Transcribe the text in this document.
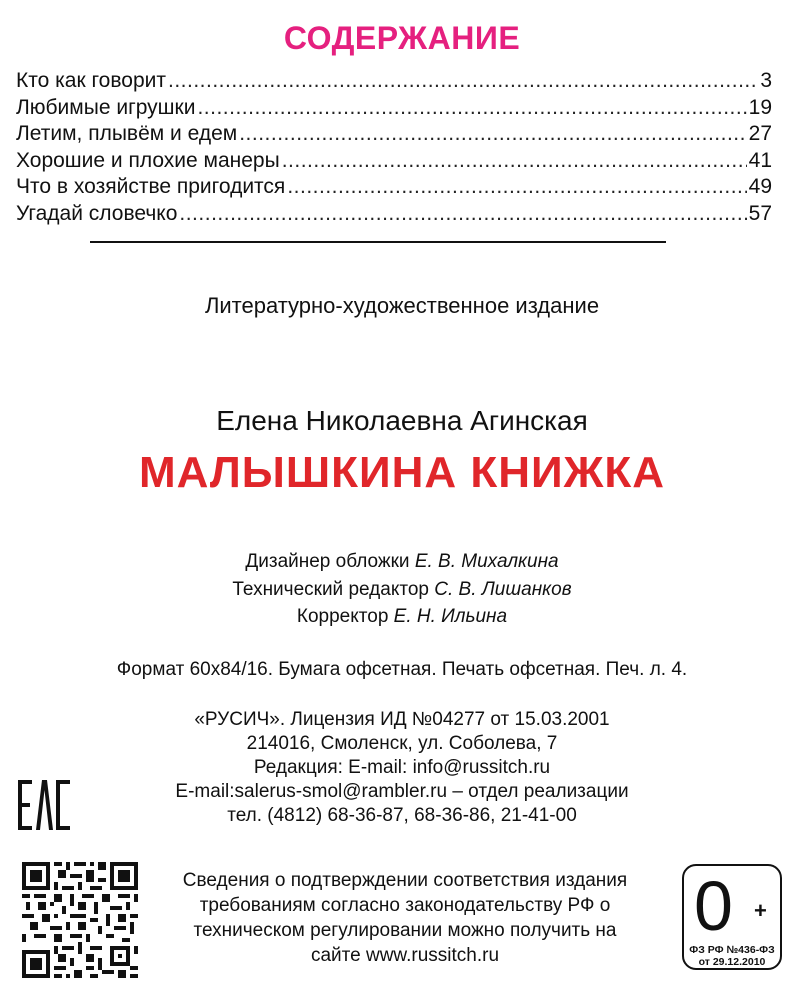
СОДЕРЖАНИЕ
Кто как говорит .....	3
Любимые игрушки .....	19
Летим, плывём и едем .....	27
Хорошие и плохие манеры .....	41
Что в хозяйстве пригодится .....	49
Угадай словечко .....	57
Литературно-художественное издание
Елена Николаевна Агинская
МАЛЫШКИНА КНИЖКА
Дизайнер обложки Е. В. Михалкина
Технический редактор С. В. Лишанков
Корректор Е. Н. Ильина
Формат 60х84/16. Бумага офсетная. Печать офсетная. Печ. л. 4.
«РУСИЧ». Лицензия ИД №04277 от 15.03.2001
214016, Смоленск, ул. Соболева, 7
Редакция: E-mail: info@russitch.ru
E-mail:salerus-smol@rambler.ru – отдел реализации
тел. (4812) 68-36-87, 68-36-86, 21-41-00
Сведения о подтверждении соответствия издания
требованиям согласно законодательству РФ о
техническом регулировании можно получить на
сайте www.russitch.ru
0 +
ФЗ РФ №436-ФЗ
от 29.12.2010
